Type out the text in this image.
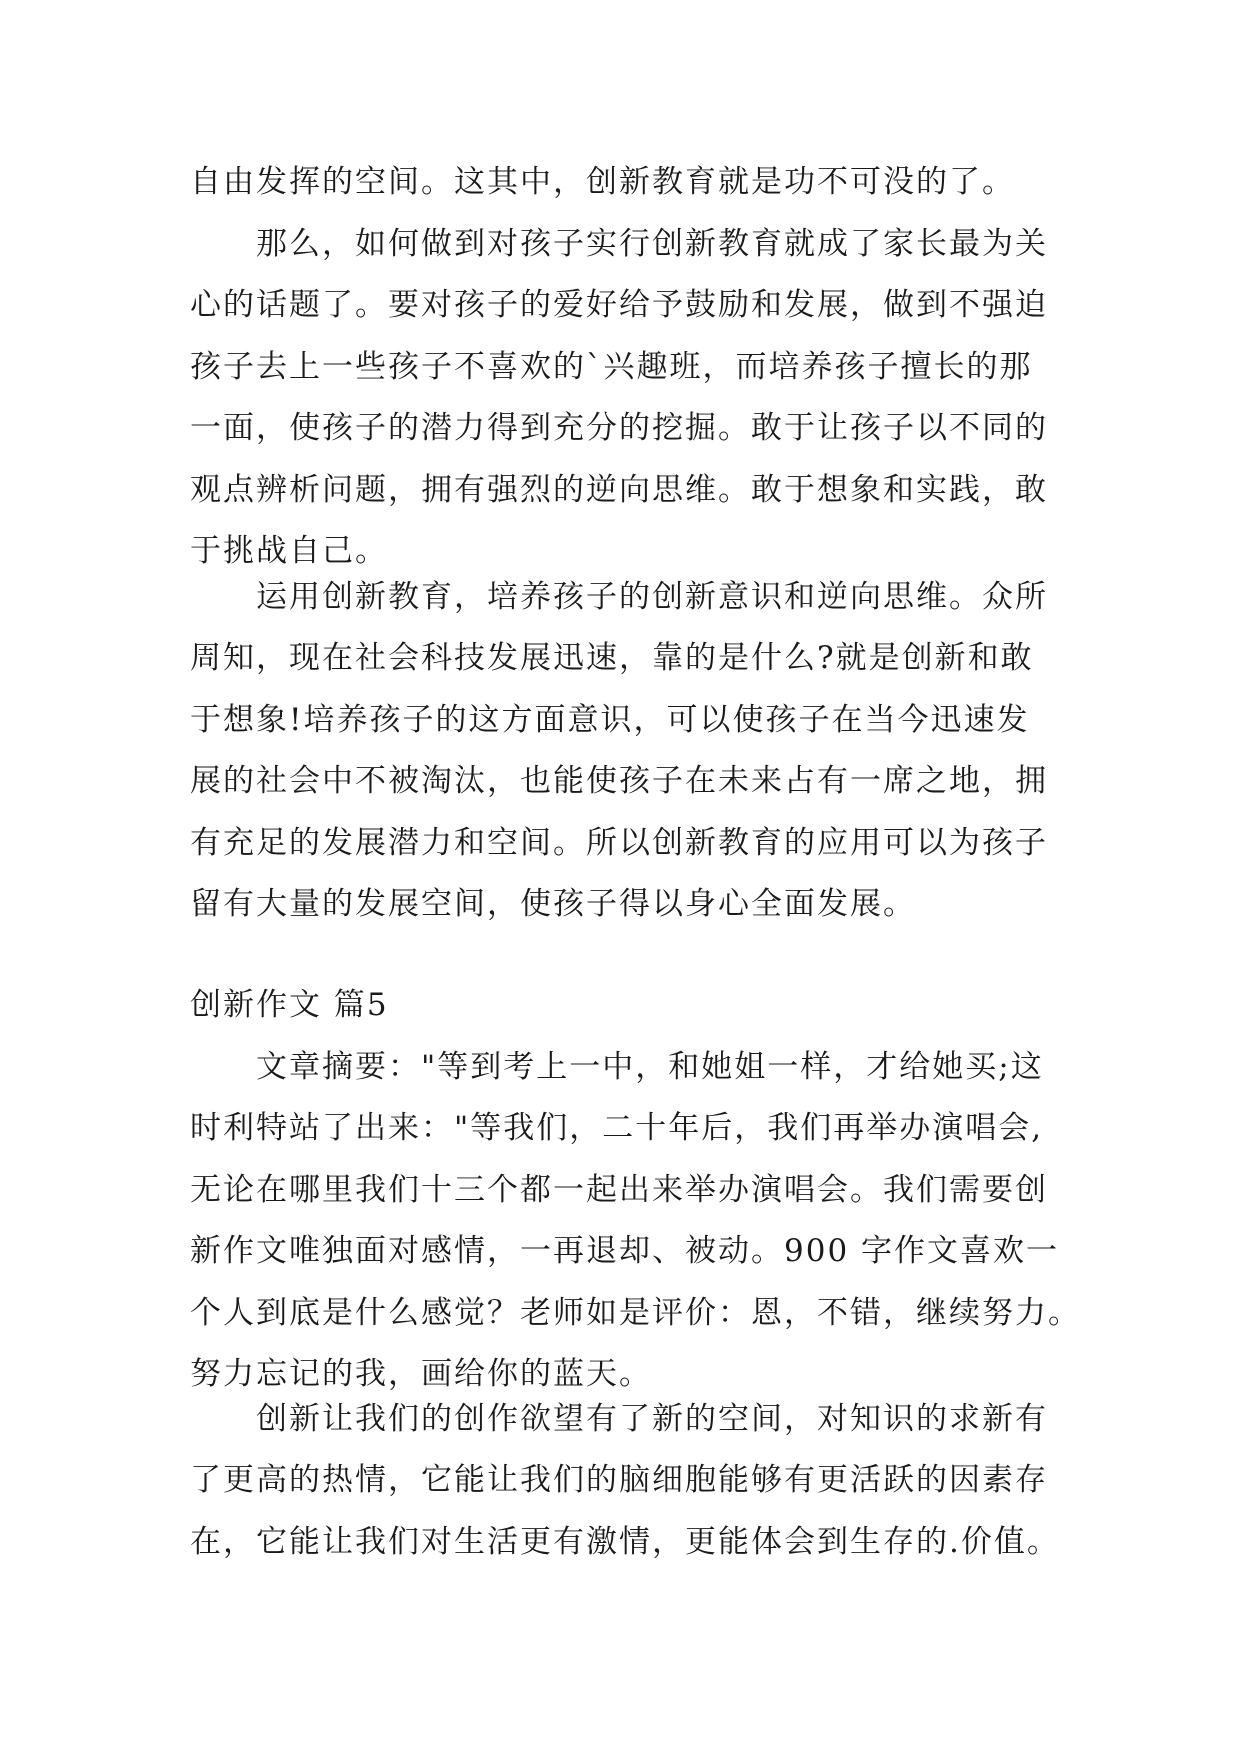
自由发挥的空间。这其中，创新教育就是功不可没的了。
那么，如何做到对孩子实行创新教育就成了家长最为关
心的话题了。要对孩子的爱好给予鼓励和发展，做到不强迫
孩子去上一些孩子不喜欢的`兴趣班，而培养孩子擅长的那
一面，使孩子的潜力得到充分的挖掘。敢于让孩子以不同的
观点辨析问题，拥有强烈的逆向思维。敢于想象和实践，敢
于挑战自己。
运用创新教育，培养孩子的创新意识和逆向思维。众所
周知，现在社会科技发展迅速，靠的是什么?就是创新和敢
于想象!培养孩子的这方面意识，可以使孩子在当今迅速发
展的社会中不被淘汰，也能使孩子在未来占有一席之地，拥
有充足的发展潜力和空间。所以创新教育的应用可以为孩子
留有大量的发展空间，使孩子得以身心全面发展。
创新作文 篇5
文章摘要："等到考上一中，和她姐一样，才给她买;这
时利特站了出来："等我们，二十年后，我们再举办演唱会,
无论在哪里我们十三个都一起出来举办演唱会。我们需要创
新作文唯独面对感情，一再退却、被动。900 字作文喜欢一
个人到底是什么感觉？老师如是评价：恩，不错，继续努力。
努力忘记的我，画给你的蓝天。
创新让我们的创作欲望有了新的空间，对知识的求新有
了更高的热情，它能让我们的脑细胞能够有更活跃的因素存
在，它能让我们对生活更有激情，更能体会到生存的.价值。
